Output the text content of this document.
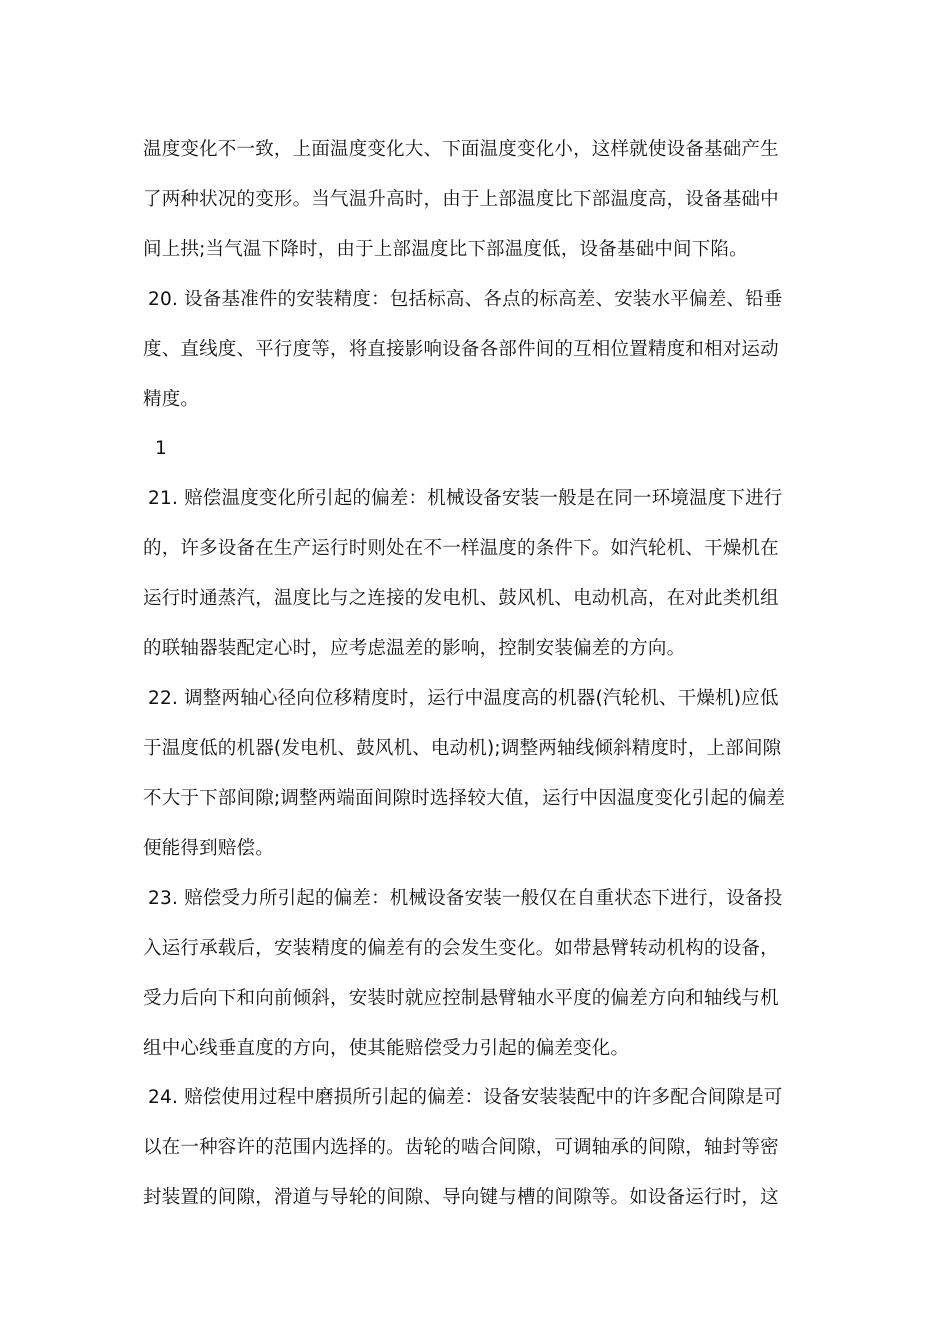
温度变化不一致，上面温度变化大、下面温度变化小，这样就使设备基础产生
了两种状况的变形。当气温升高时，由于上部温度比下部温度高，设备基础中
间上拱;当气温下降时，由于上部温度比下部温度低，设备基础中间下陷。
20. 设备基准件的安装精度：包括标高、各点的标高差、安装水平偏差、铅垂
度、直线度、平行度等，将直接影响设备各部件间的互相位置精度和相对运动
精度。
1
21. 赔偿温度变化所引起的偏差：机械设备安装一般是在同一环境温度下进行
的，许多设备在生产运行时则处在不一样温度的条件下。如汽轮机、干燥机在
运行时通蒸汽，温度比与之连接的发电机、鼓风机、电动机高，在对此类机组
的联轴器装配定心时，应考虑温差的影响，控制安装偏差的方向。
22. 调整两轴心径向位移精度时，运行中温度高的机器(汽轮机、干燥机)应低
于温度低的机器(发电机、鼓风机、电动机);调整两轴线倾斜精度时，上部间隙
不大于下部间隙;调整两端面间隙时选择较大值，运行中因温度变化引起的偏差
便能得到赔偿。
23. 赔偿受力所引起的偏差：机械设备安装一般仅在自重状态下进行，设备投
入运行承载后，安装精度的偏差有的会发生变化。如带悬臂转动机构的设备，
受力后向下和向前倾斜，安装时就应控制悬臂轴水平度的偏差方向和轴线与机
组中心线垂直度的方向，使其能赔偿受力引起的偏差变化。
24. 赔偿使用过程中磨损所引起的偏差：设备安装装配中的许多配合间隙是可
以在一种容许的范围内选择的。齿轮的啮合间隙，可调轴承的间隙，轴封等密
封装置的间隙，滑道与导轮的间隙、导向键与槽的间隙等。如设备运行时，这
